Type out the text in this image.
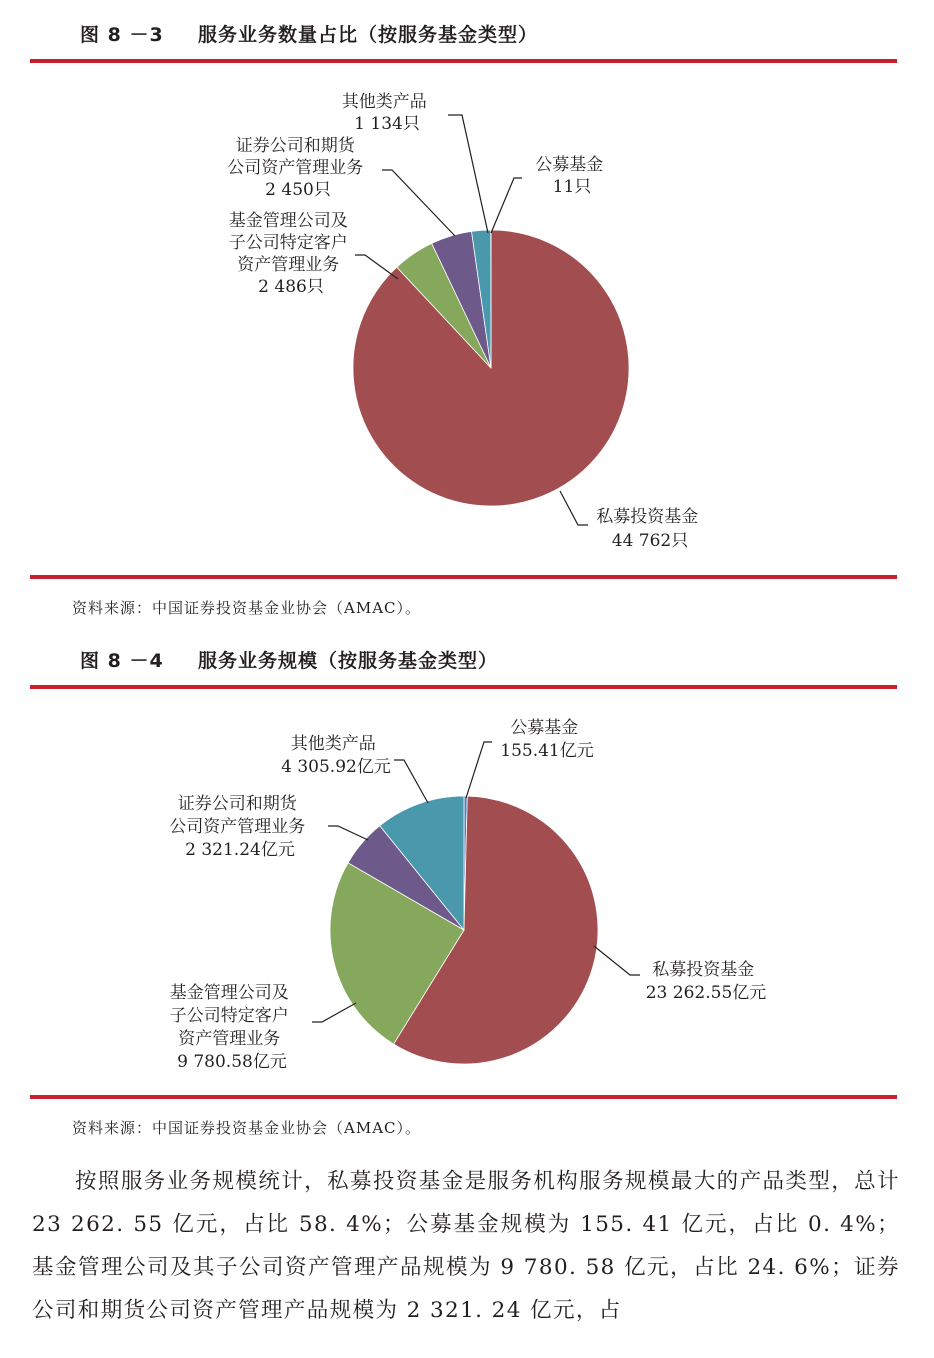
图 8 －3 服务业务数量占比（按服务基金类型）
其他类产品 1 134只
证券公司和期货 公司资产管理业务 2 450只
公募基金 11只
基金管理公司及 子公司特定客户 资产管理业务 2 486只
私募投资基金 44 762只
资料来源：中国证券投资基金业协会（AMAC）。
图 8 －4 服务业务规模（按服务基金类型）
公募基金 155.41亿元
其他类产品 4 305.92亿元
证券公司和期货 公司资产管理业务 2 321.24亿元
私募投资基金 23 262.55亿元
基金管理公司及 子公司特定客户 资产管理业务 9 780.58亿元
资料来源：中国证券投资基金业协会（AMAC）。
按照服务业务规模统计，私募投资基金是服务机构服务规模最大的产品类型，总计 23 262. 55 亿元，占比 58. 4%；公募基金规模为 155. 41 亿元，占比 0. 4%；基金管理公司及其子公司资产管理产品规模为 9 780. 58 亿元，占比 24. 6%；证券公司和期货公司资产管理产品规模为 2 321. 24 亿元，占
